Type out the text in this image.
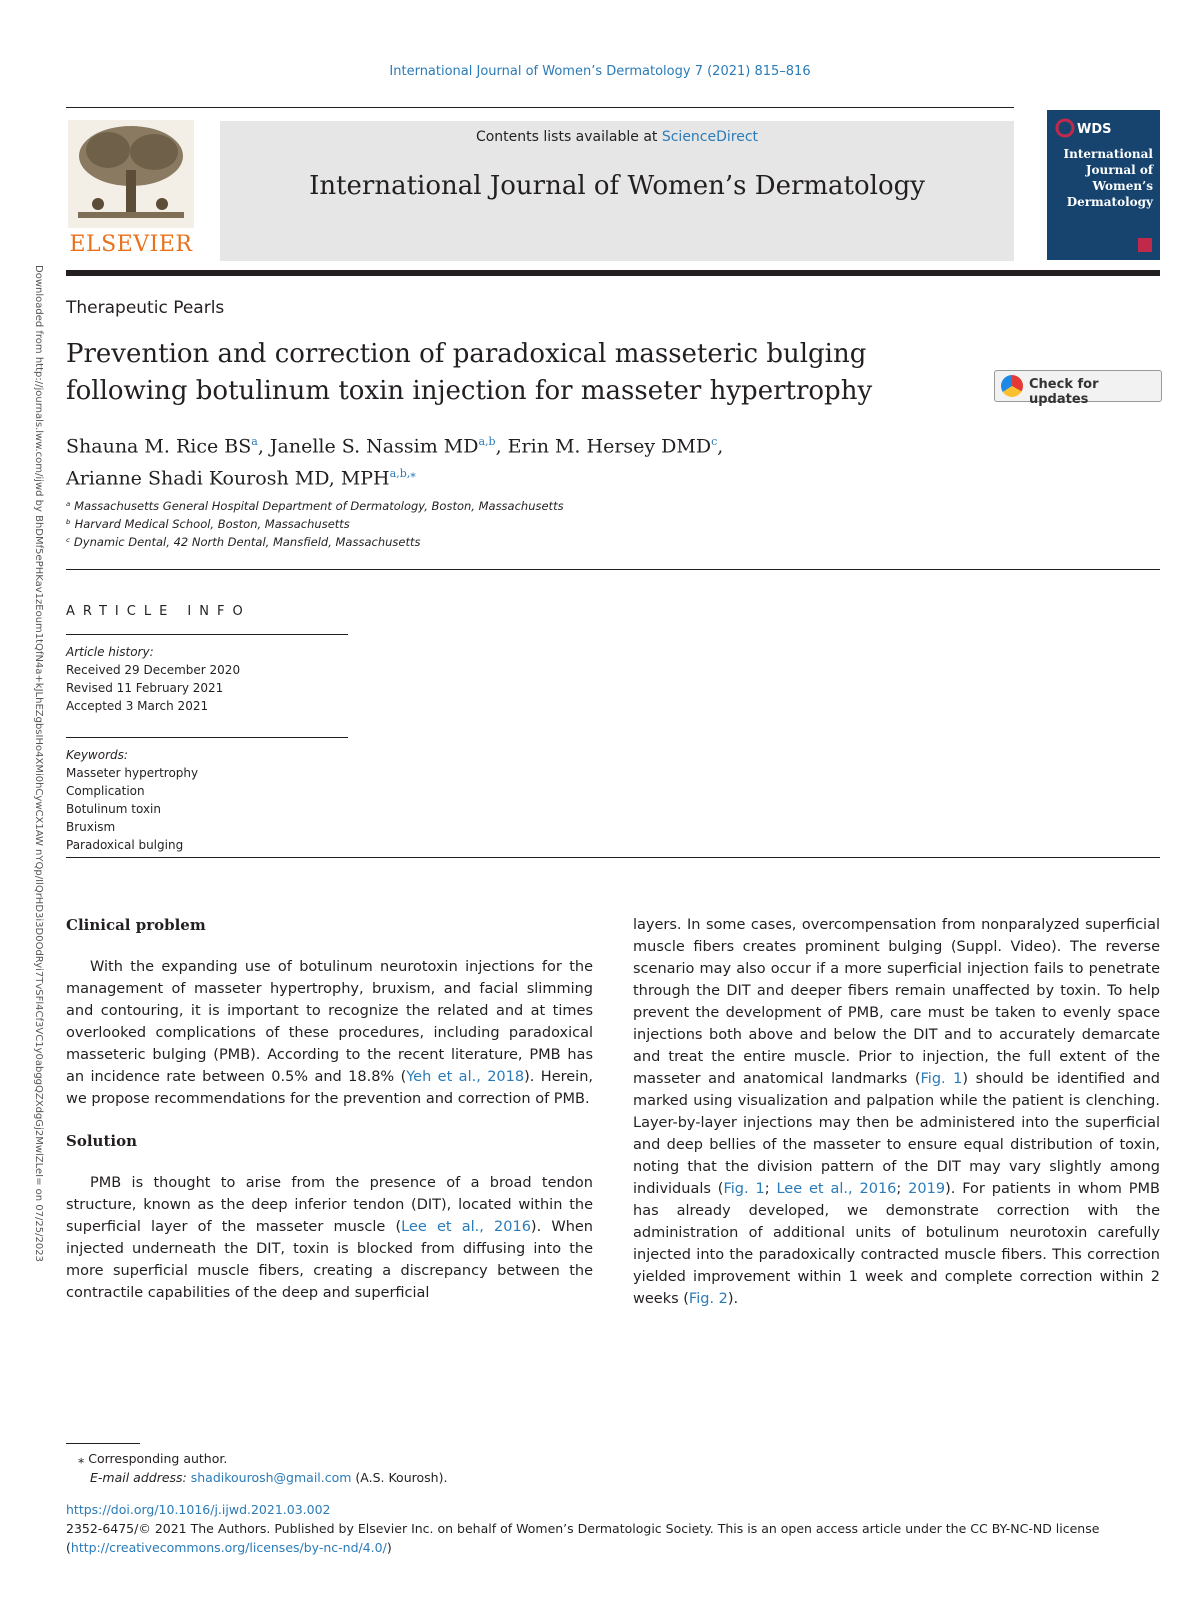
International Journal of Women’s Dermatology 7 (2021) 815–816
ELSEVIER
Contents lists available at ScienceDirect
International Journal of Women’s Dermatology
WDS
International Journal of Women’s Dermatology
Downloaded from http://journals.lww.com/ijwd by BhDMf5ePHKav1zEoum1tQfN4a+kJLhEZgbsIHo4XMi0hCywCX1AW nYQp/IlQrHD3i3D0OdRyi7TvSFl4Cf3VC1y0abggQZXdgGj2MwlZLeI= on 07/25/2023 Therapeutic Pearls
Prevention and correction of paradoxical masseteric bulging following botulinum toxin injection for masseter hypertrophy	Check for updates
Shauna M. Rice $BS^a$, Janelle S. Nassim MD$^{a,b}$, Erin M. Hersey DMD$^c$,
Arianne Shadi Kourosh MD, $MPH^{a,b,⁎}$
ᵃ Massachusetts General Hospital Department of Dermatology, Boston, Massachusetts
ᵇ Harvard Medical School, Boston, Massachusetts
ᶜ Dynamic Dental, 42 North Dental, Mansfield, Massachusetts
ARTICLE INFO
Article history:
Received 29 December 2020
Revised 11 February 2021
Accepted 3 March 2021
Keywords:
Masseter hypertrophy
Complication
Botulinum toxin
Bruxism
Paradoxical bulging
Clinical problem

With the expanding use of botulinum neurotoxin injections for the management of masseter hypertrophy, bruxism, and facial slimming and contouring, it is important to recognize the related and at times overlooked complications of these procedures, including paradoxical masseteric bulging (PMB). According to the recent literature, PMB has an incidence rate between 0.5% and 18.8% (Yeh et al., 2018). Herein, we propose recommendations for the prevention and correction of PMB.

Solution

PMB is thought to arise from the presence of a broad tendon structure, known as the deep inferior tendon (DIT), located within the superficial layer of the masseter muscle (Lee et al., 2016). When injected underneath the DIT, toxin is blocked from diffusing into the more superficial muscle fibers, creating a discrepancy between the contractile capabilities of the deep and superficial

layers. In some cases, overcompensation from nonparalyzed superficial muscle fibers creates prominent bulging (Suppl. Video). The reverse scenario may also occur if a more superficial injection fails to penetrate through the DIT and deeper fibers remain unaffected by toxin. To help prevent the development of PMB, care must be taken to evenly space injections both above and below the DIT and to accurately demarcate and treat the entire muscle. Prior to injection, the full extent of the masseter and anatomical landmarks (Fig. 1) should be identified and marked using visualization and palpation while the patient is clenching. Layer-by-layer injections may then be administered into the superficial and deep bellies of the masseter to ensure equal distribution of toxin, noting that the division pattern of the DIT may vary slightly among individuals (Fig. 1; Lee et al., 2016; 2019). For patients in whom PMB has already developed, we demonstrate correction with the administration of additional units of botulinum neurotoxin carefully injected into the paradoxically contracted muscle fibers. This correction yielded improvement within 1 week and complete correction within 2 weeks (Fig. 2).

⁎ Corresponding author.
E-mail address: shadikourosh@gmail.com (A.S. Kourosh).
https://doi.org/10.1016/j.ijwd.2021.03.002
2352-6475/© 2021 The Authors. Published by Elsevier Inc. on behalf of Women’s Dermatologic Society. This is an open access article under the CC BY-NC-ND license
(http://creativecommons.org/licenses/by-nc-nd/4.0/)
